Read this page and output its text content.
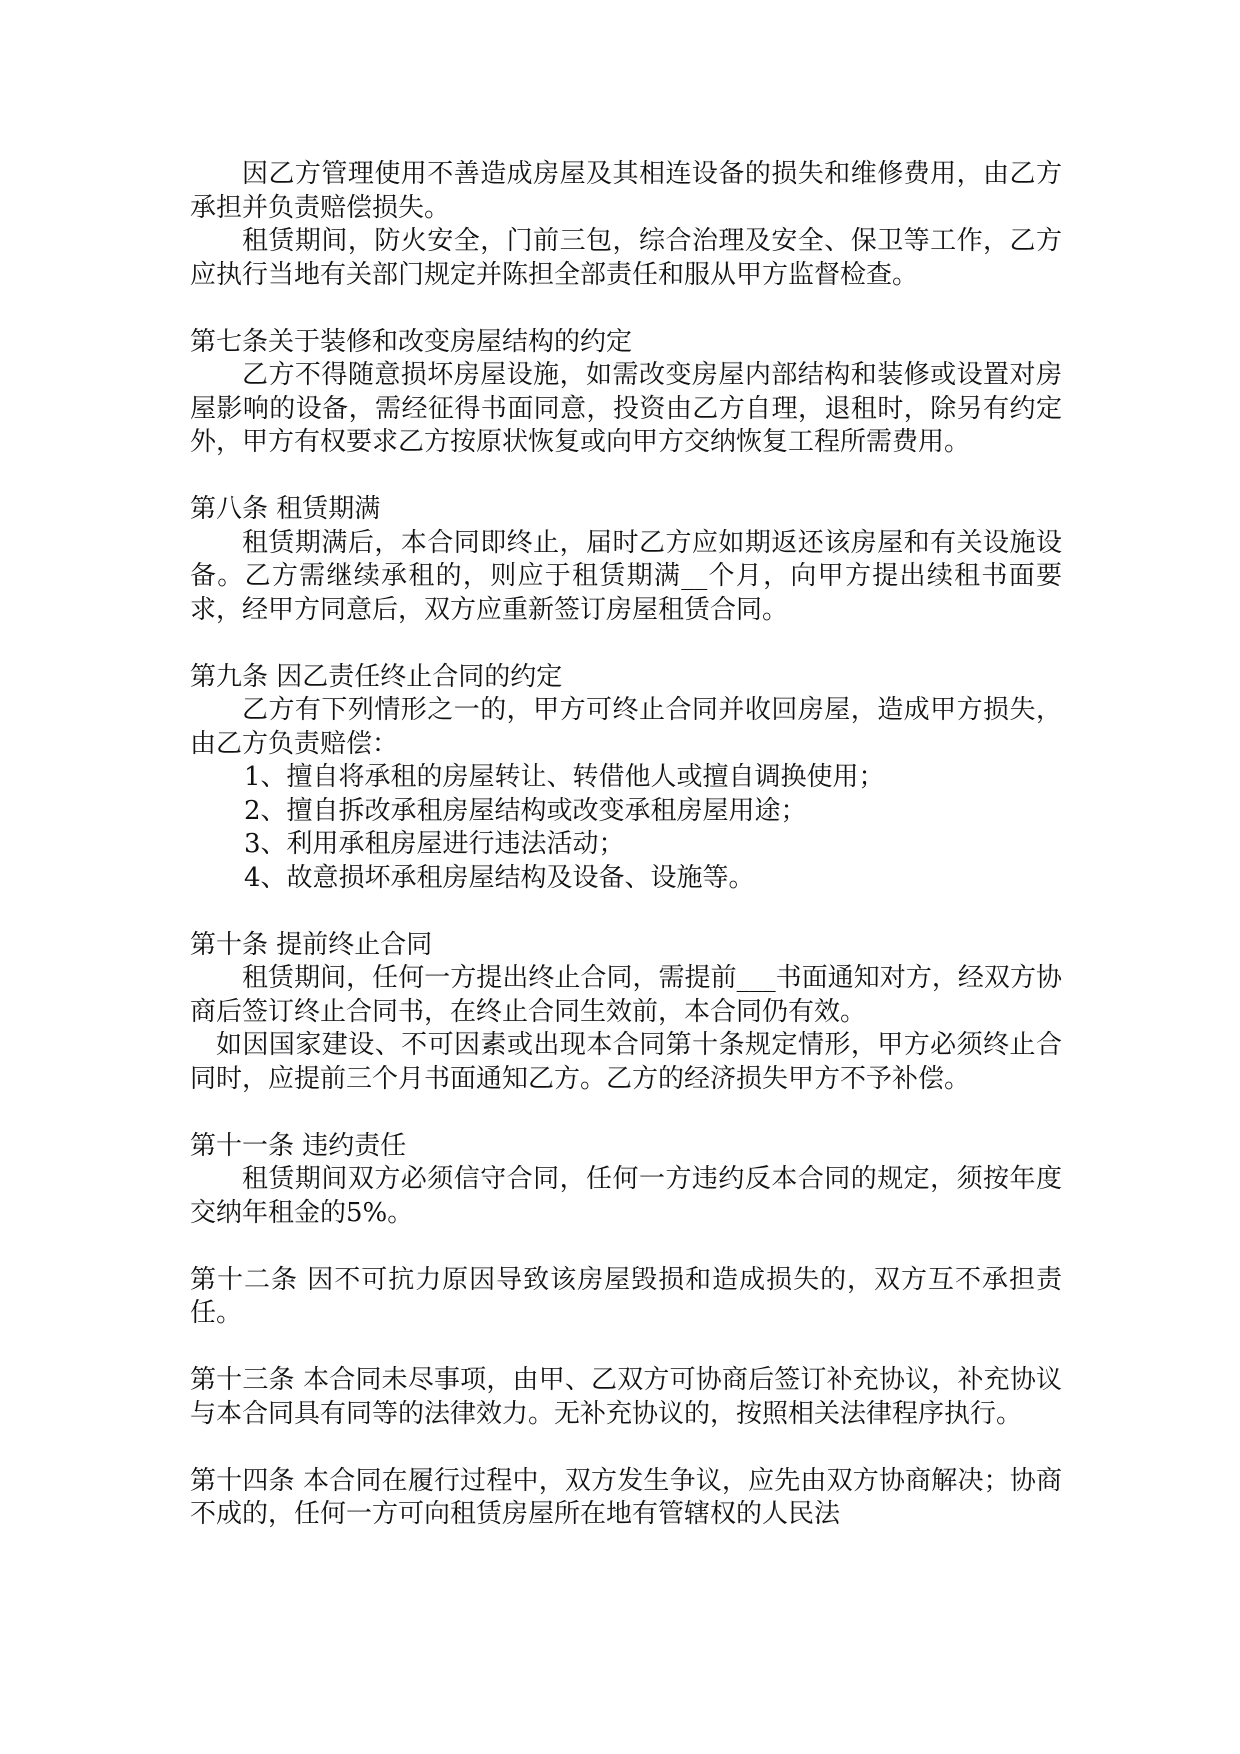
因乙方管理使用不善造成房屋及其相连设备的损失和维修费用，由乙方承担并负责赔偿损失。
租赁期间，防火安全，门前三包，综合治理及安全、保卫等工作，乙方应执行当地有关部门规定并陈担全部责任和服从甲方监督检查。
第七条关于装修和改变房屋结构的约定
乙方不得随意损坏房屋设施，如需改变房屋内部结构和装修或设置对房屋影响的设备，需经征得书面同意，投资由乙方自理，退租时，除另有约定外，甲方有权要求乙方按原状恢复或向甲方交纳恢复工程所需费用。
第八条 租赁期满
租赁期满后，本合同即终止，届时乙方应如期返还该房屋和有关设施设备。乙方需继续承租的，则应于租赁期满__个月，向甲方提出续租书面要求，经甲方同意后，双方应重新签订房屋租赁合同。
第九条 因乙责任终止合同的约定
乙方有下列情形之一的，甲方可终止合同并收回房屋，造成甲方损失，由乙方负责赔偿：
1、擅自将承租的房屋转让、转借他人或擅自调换使用；
2、擅自拆改承租房屋结构或改变承租房屋用途；
3、利用承租房屋进行违法活动；
4、故意损坏承租房屋结构及设备、设施等。
第十条 提前终止合同
租赁期间，任何一方提出终止合同，需提前___书面通知对方，经双方协商后签订终止合同书，在终止合同生效前，本合同仍有效。
如因国家建设、不可因素或出现本合同第十条规定情形，甲方必须终止合同时，应提前三个月书面通知乙方。乙方的经济损失甲方不予补偿。
第十一条 违约责任
租赁期间双方必须信守合同，任何一方违约反本合同的规定，须按年度交纳年租金的5%。
第十二条 因不可抗力原因导致该房屋毁损和造成损失的，双方互不承担责任。
第十三条 本合同未尽事项，由甲、乙双方可协商后签订补充协议，补充协议与本合同具有同等的法律效力。无补充协议的，按照相关法律程序执行。
第十四条 本合同在履行过程中，双方发生争议，应先由双方协商解决；协商不成的，任何一方可向租赁房屋所在地有管辖权的人民法
